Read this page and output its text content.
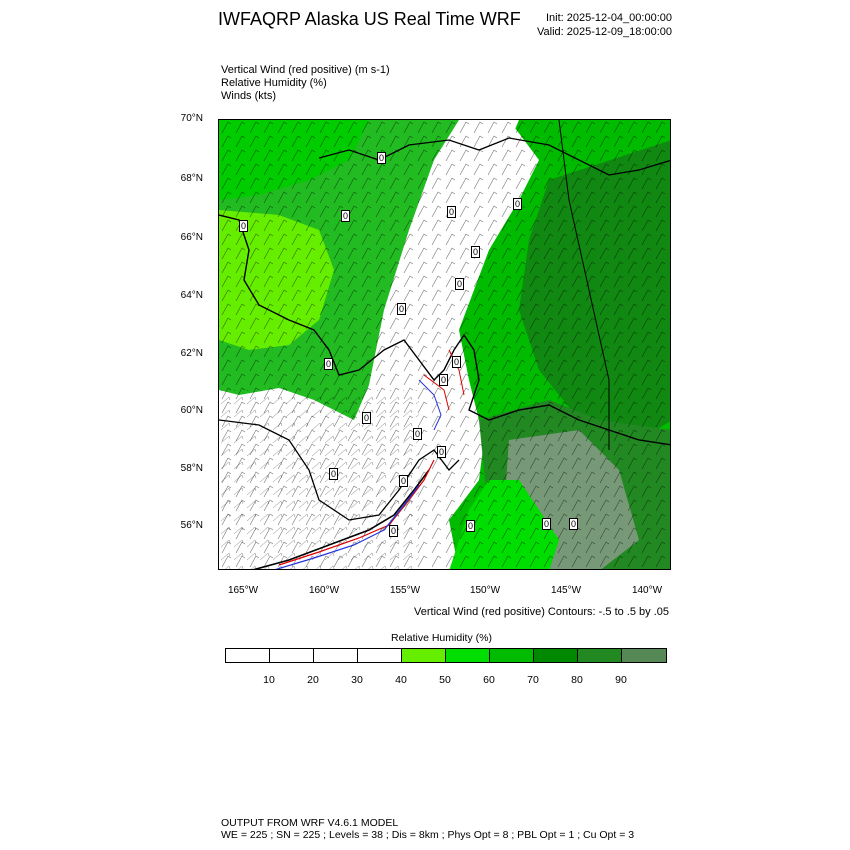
IWFAQRP Alaska US Real Time WRF Init: 2025-12-04_00:00:00
Valid: 2025-12-09_18:00:00
Vertical Wind (red positive) (m s-1)
Relative Humidity (%)
Winds (kts)
70°N
68°N
66°N
64°N
62°N
60°N
58°N
56°N
165°W	160°W	155°W	150°W	145°W	140°W
0
0
0
0
0
0
0
0
0	0
0
0
0
0
0
0
0	0	0 0
Vertical Wind (red positive) Contours: -.5 to .5 by .05
Relative Humidity (%)
10	20	30	40	50	60	70	80	90
OUTPUT FROM WRF V4.6.1 MODEL
WE = 225 ; SN = 225 ; Levels = 38 ; Dis = 8km ; Phys Opt = 8 ; PBL Opt = 1 ; Cu Opt = 3
